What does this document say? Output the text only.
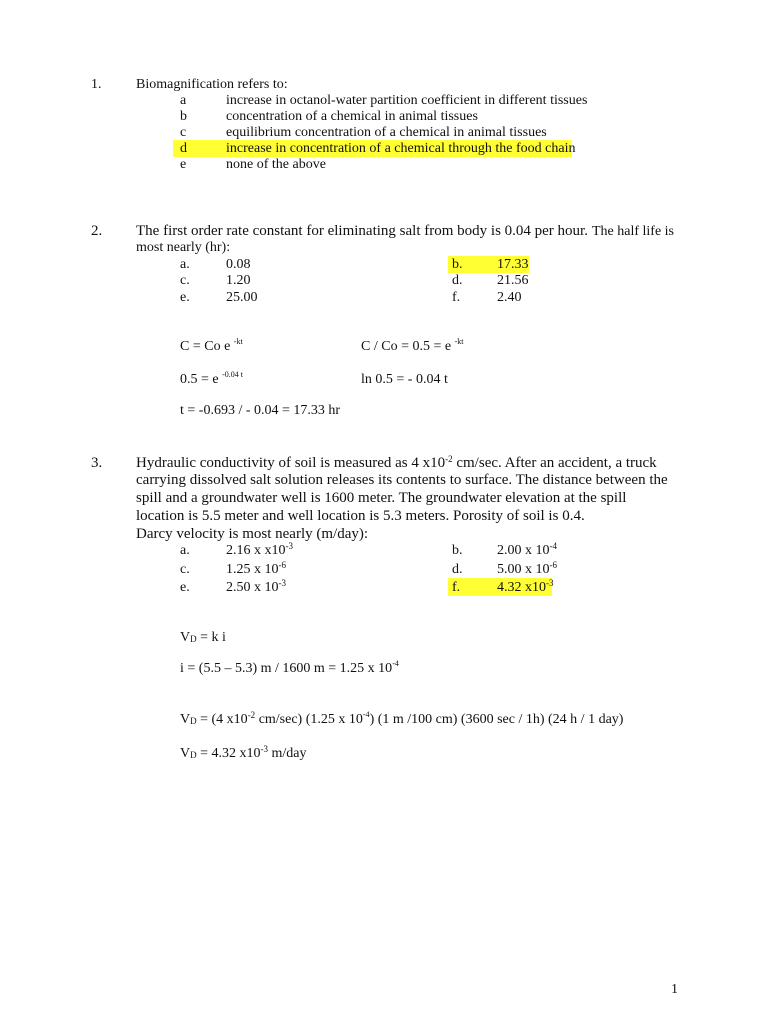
1. Biomagnification refers to:
a	increase in octanol-water partition coefficient in different tissues
b	concentration of a chemical in animal tissues
c	equilibrium concentration of a chemical in animal tissues
d	increase in concentration of a chemical through the food chain
e	none of the above
2. The first order rate constant for eliminating salt from body is 0.04 per hour. The half life is
most nearly (hr):
a.	0.08	b. 17.33
c.	1.20	d. 21.56
e.	25.00	f.	2.40
C = Co e $^{-kt}$	C / Co = 0.5 = e $^{-kt}$
0.5 = e $^{-0.04 t}$	ln 0.5 = - 0.04 t
t = -0.693 / - 0.04 = 17.33 hr
3. Hydraulic conductivity of soil is measured as 4 $x10^{-2}$ cm/sec. After an accident, a truck
carrying dissolved salt solution releases its contents to surface. The distance between the
spill and a groundwater well is 1600 meter. The groundwater elevation at the spill
location is 5.5 meter and well location is 5.3 meters. Porosity of soil is 0.4.
Darcy velocity is most nearly (m/day):
a.	2.16 x $x10^{-3}$	b. 2.00 x $10^{-4}$
c.	1.25 x $10^{-6}$	d. 5.00 x $10^{-6}$
e.	2.50 x $10^{-3}$	f.	4.32 $x10^{-3}$
$V_D = k$ i
i = (5.5 – 5.3) m / 1600 m = 1.25 x $10^{-4}$
$V_D = (4$ $x10^{-2}$ cm/sec) (1.25 x $10^{-4}$) (1 m /100 cm) (3600 sec / 1h) (24 h / 1 day)
$V_D = 4.32$ $x10^{-3}$ m/day
1
